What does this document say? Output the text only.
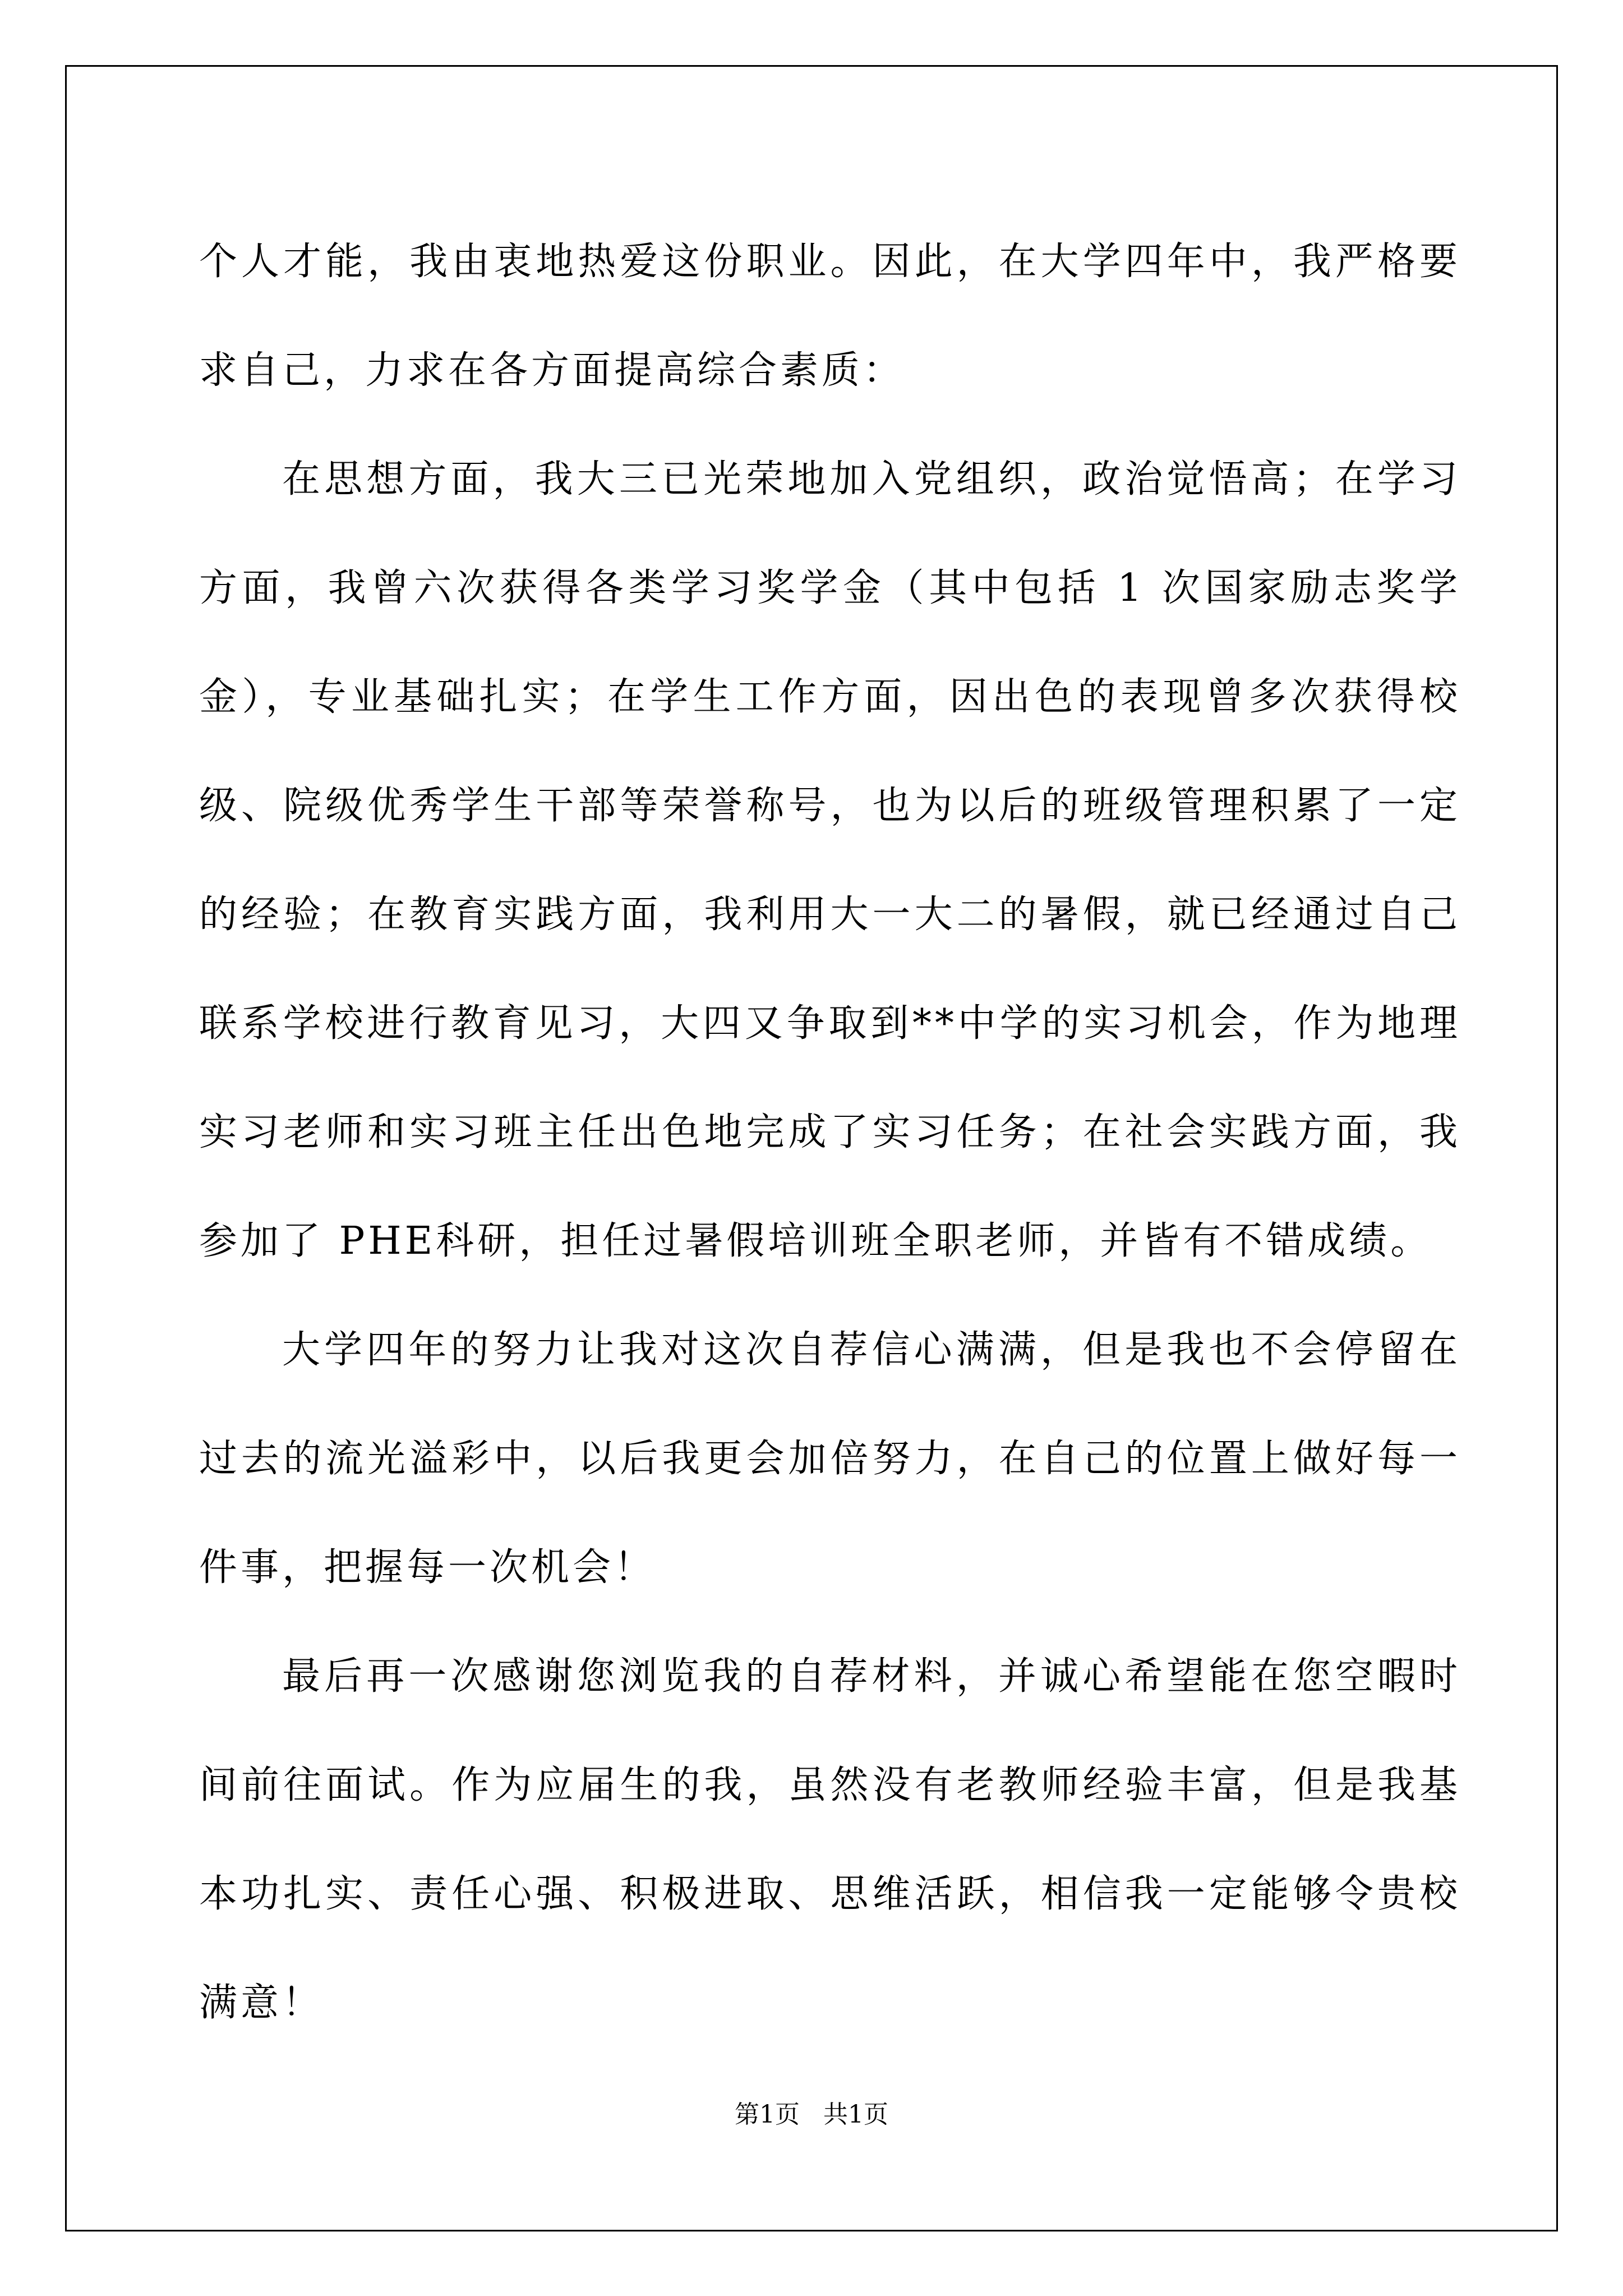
个人才能，我由衷地热爱这份职业。因此，在大学四年中，我严格要求自己，力求在各方面提高综合素质：

在思想方面，我大三已光荣地加入党组织，政治觉悟高；在学习方面，我曾六次获得各类学习奖学金（其中包括 1 次国家励志奖学金），专业基础扎实；在学生工作方面，因出色的表现曾多次获得校级、院级优秀学生干部等荣誉称号，也为以后的班级管理积累了一定的经验；在教育实践方面，我利用大一大二的暑假，就已经通过自己联系学校进行教育见习，大四又争取到**中学的实习机会，作为地理实习老师和实习班主任出色地完成了实习任务；在社会实践方面，我参加了 PHE科研，担任过暑假培训班全职老师，并皆有不错成绩。

大学四年的努力让我对这次自荐信心满满，但是我也不会停留在过去的流光溢彩中，以后我更会加倍努力，在自己的位置上做好每一件事，把握每一次机会！

最后再一次感谢您浏览我的自荐材料，并诚心希望能在您空暇时间前往面试。作为应届生的我，虽然没有老教师经验丰富，但是我基本功扎实、责任心强、积极进取、思维活跃，相信我一定能够令贵校满意！

第1页 共1页
